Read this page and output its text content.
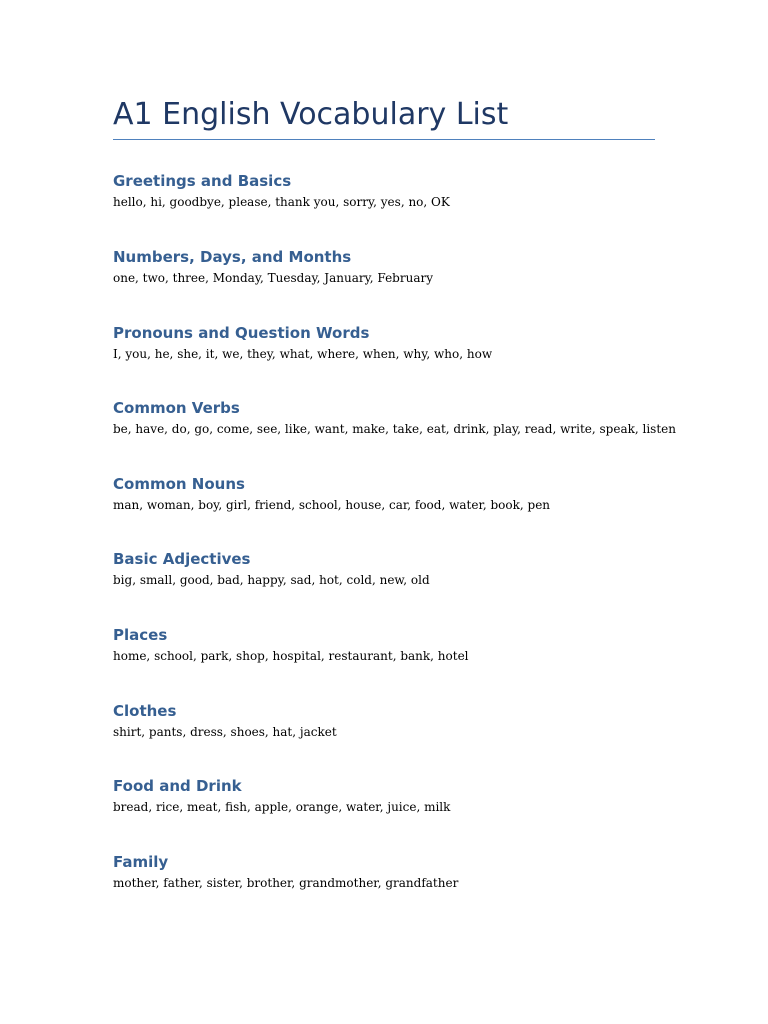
A1 English Vocabulary List
Greetings and Basics

hello, hi, goodbye, please, thank you, sorry, yes, no, OK

Numbers, Days, and Months

one, two, three, Monday, Tuesday, January, February

Pronouns and Question Words

I, you, he, she, it, we, they, what, where, when, why, who, how

Common Verbs

be, have, do, go, come, see, like, want, make, take, eat, drink, play, read, write, speak, listen

Common Nouns

man, woman, boy, girl, friend, school, house, car, food, water, book, pen

Basic Adjectives

big, small, good, bad, happy, sad, hot, cold, new, old

Places

home, school, park, shop, hospital, restaurant, bank, hotel

Clothes

shirt, pants, dress, shoes, hat, jacket

Food and Drink

bread, rice, meat, fish, apple, orange, water, juice, milk

Family

mother, father, sister, brother, grandmother, grandfather
